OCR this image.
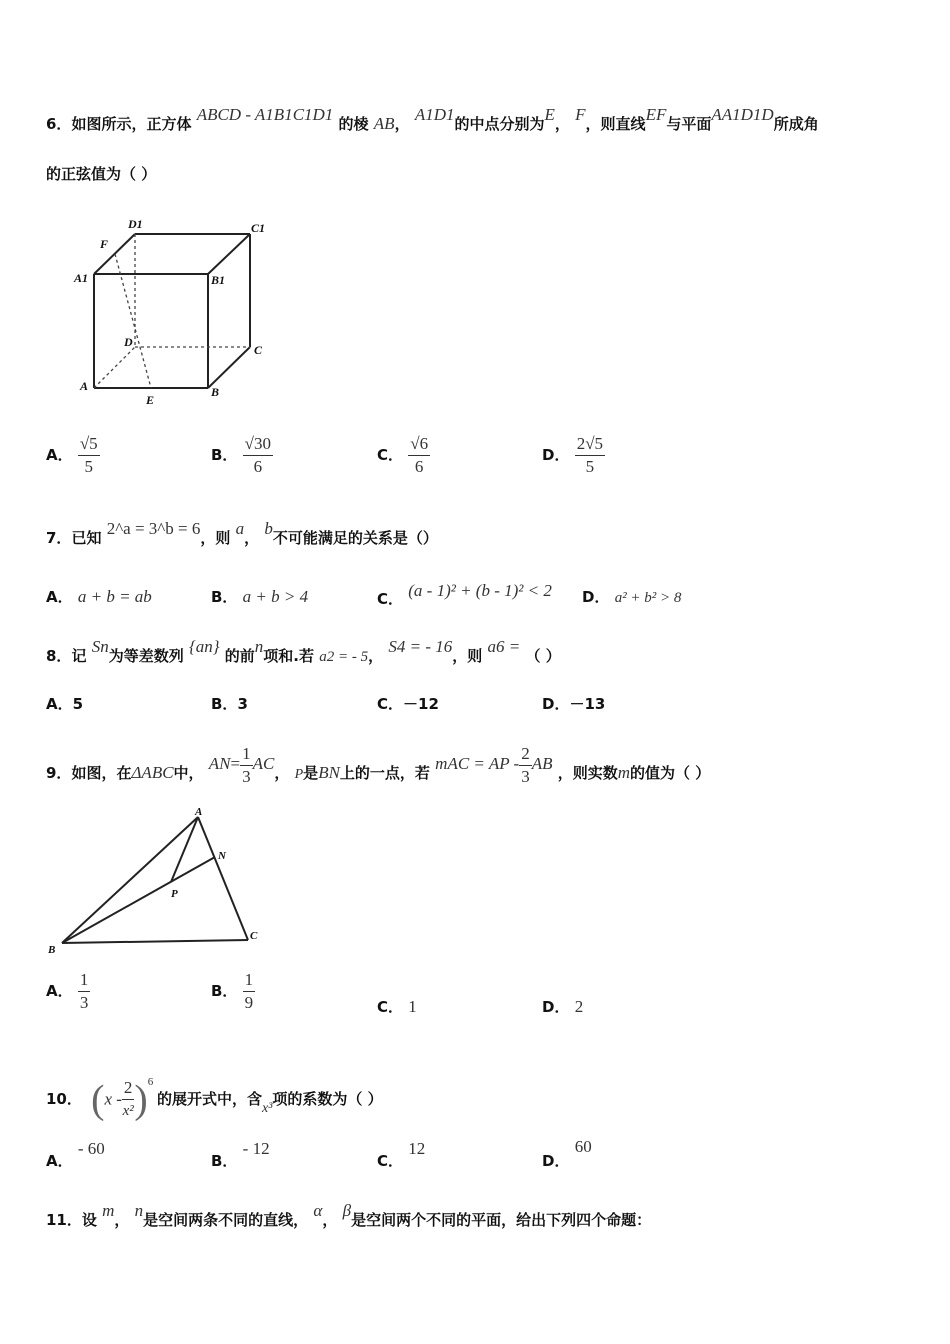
6．如图所示，正方体 ABCD - A1B1C1D1 的棱 AB， A1D1的中点分别为E， F，则直线EF与平面AA1D1D所成角
的正弦值为（ ）
D1	C1
F
A1	B1
D
C
A
E
B
A． $\frac{√5}{5}$	B． $\frac{√30}{6}$	C． $\frac{√6}{6}$	D． $\frac{2√5}{5}$
7．已知 2^a = 3^b = 6，则 a， b不可能满足的关系是（）
A． a + b = ab	B． a + b > 4	C． (a - 1)² + (b - 1)² < 2 D． a² + b² > 8
8．记 Sn为等差数列 {an} 的前n项和.若 a2 = - 5， S4 = - 16，则 a6 = （ ）
A．5	B．3	C．－12	D．－13
9．如图，在ΔABC中， $AN= \frac{1}{3}$ AC， P是BN上的一点，若 mAC = AP - $\frac{2}{3}$ AB ，则实数m的值为（ ）
A
N
P
B
C
A． $\frac{1}{3}$	B． $\frac{1}{9}$	C． 1	D． 2
10． ($x - \frac{2}{\text{x²}}$ ) 6
的展开式中，含x³项的系数为（ ）
A． - 60
B． - 12
C． 12
D． 60
11．设 m， n是空间两条不同的直线， α， β是空间两个不同的平面，给出下列四个命题：
